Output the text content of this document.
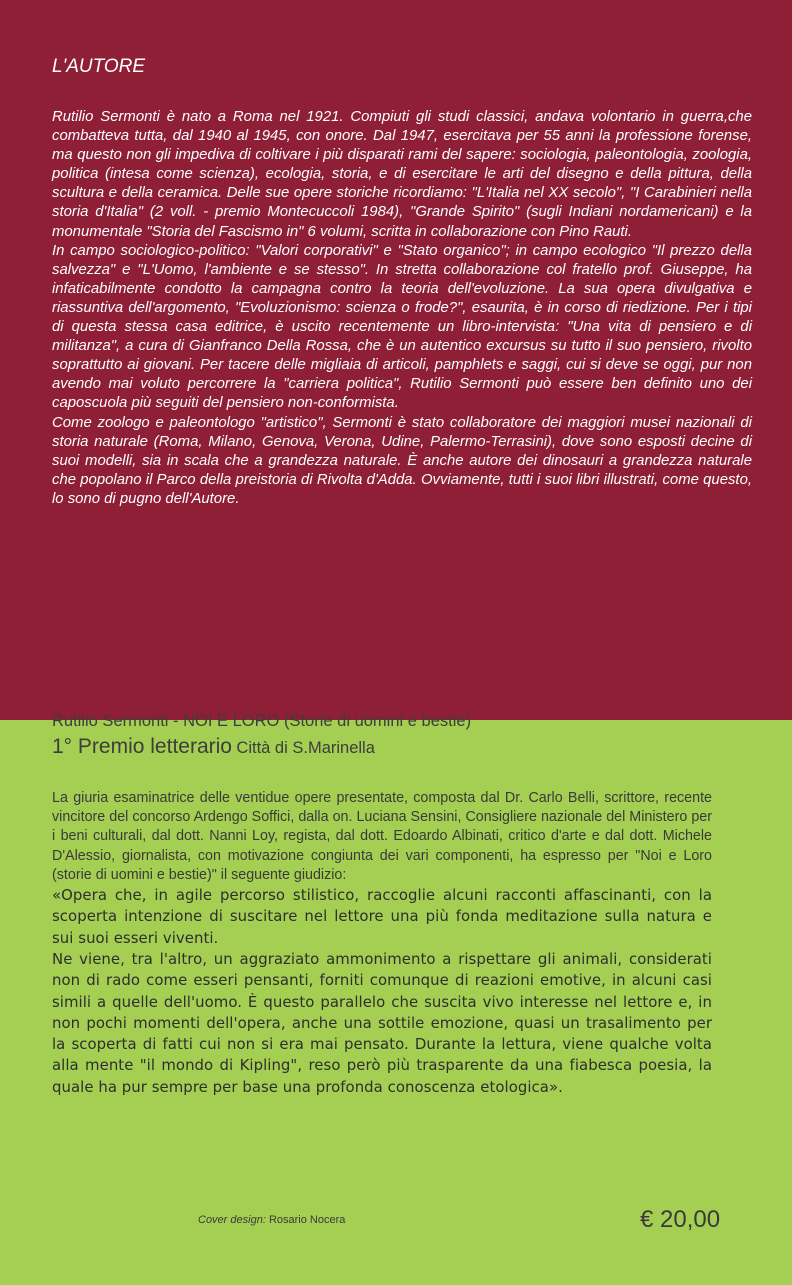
L'AUTORE

Rutilio Sermonti è nato a Roma nel 1921. Compiuti gli studi classici, andava volontario in guerra,che combatteva tutta, dal 1940 al 1945, con onore. Dal 1947, esercitava per 55 anni la professione forense, ma questo non gli impediva di coltivare i più disparati rami del sapere: sociologia, paleontologia, zoologia, politica (intesa come scienza), ecologia, storia, e di esercitare le arti del disegno e della pittura, della scultura e della ceramica. Delle sue opere storiche ricordiamo: "L'Italia nel XX secolo", "I Carabinieri nella storia d'Italia" (2 voll. - premio Montecuccoli 1984), "Grande Spirito" (sugli Indiani nordamericani) e la monumentale "Storia del Fascismo in" 6 volumi, scritta in collaborazione con Pino Rauti.

In campo sociologico-politico: "Valori corporativi" e "Stato organico"; in campo ecologico "Il prezzo della salvezza" e "L'Uomo, l'ambiente e se stesso". In stretta collaborazione col fratello prof. Giuseppe, ha infaticabilmente condotto la campagna contro la teoria dell'evoluzione. La sua opera divulgativa e riassuntiva dell'argomento, "Evoluzionismo: scienza o frode?", esaurita, è in corso di riedizione. Per i tipi di questa stessa casa editrice, è uscito recentemente un libro-intervista: "Una vita di pensiero e di militanza", a cura di Gianfranco Della Rossa, che è un autentico excursus su tutto il suo pensiero, rivolto soprattutto ai giovani. Per tacere delle migliaia di articoli, pamphlets e saggi, cui si deve se oggi, pur non avendo mai voluto percorrere la "carriera politica", Rutilio Sermonti può essere ben definito uno dei caposcuola più seguiti del pensiero non-conformista.

Come zoologo e paleontologo "artistico", Sermonti è stato collaboratore dei maggiori musei nazionali di storia naturale (Roma, Milano, Genova, Verona, Udine, Palermo-Terrasini), dove sono esposti decine di suoi modelli, sia in scala che a grandezza naturale. È anche autore dei dinosauri a grandezza naturale che popolano il Parco della preistoria di Rivolta d'Adda. Ovviamente, tutti i suoi libri illustrati, come questo, lo sono di pugno dell'Autore.

Rutilio Sermonti - NOI E LORO (Storie di uomini e bestie)

1° Premio letterario Città di S.Marinella

La giuria esaminatrice delle ventidue opere presentate, composta dal Dr. Carlo Belli, scrittore, recente vincitore del concorso Ardengo Soffici, dalla on. Luciana Sensini, Consigliere nazionale del Ministero per i beni culturali, dal dott. Nanni Loy, regista, dal dott. Edoardo Albinati, critico d'arte e dal dott. Michele D'Alessio, giornalista, con motivazione congiunta dei vari componenti, ha espresso per "Noi e Loro (storie di uomini e bestie)" il seguente giudizio:

«Opera che, in agile percorso stilistico, raccoglie alcuni racconti affascinanti, con la scoperta intenzione di suscitare nel lettore una più fonda meditazione sulla natura e sui suoi esseri viventi.

Ne viene, tra l'altro, un aggraziato ammonimento a rispettare gli animali, considerati non di rado come esseri pensanti, forniti comunque di reazioni emotive, in alcuni casi simili a quelle dell'uomo. È questo parallelo che suscita vivo interesse nel lettore e, in non pochi momenti dell'opera, anche una sottile emozione, quasi un trasalimento per la scoperta di fatti cui non si era mai pensato. Durante la lettura, viene qualche volta alla mente "il mondo di Kipling", reso però più trasparente da una fiabesca poesia, la quale ha pur sempre per base una profonda conoscenza etologica».

Cover design: Rosario Nocera	€ 20,00
